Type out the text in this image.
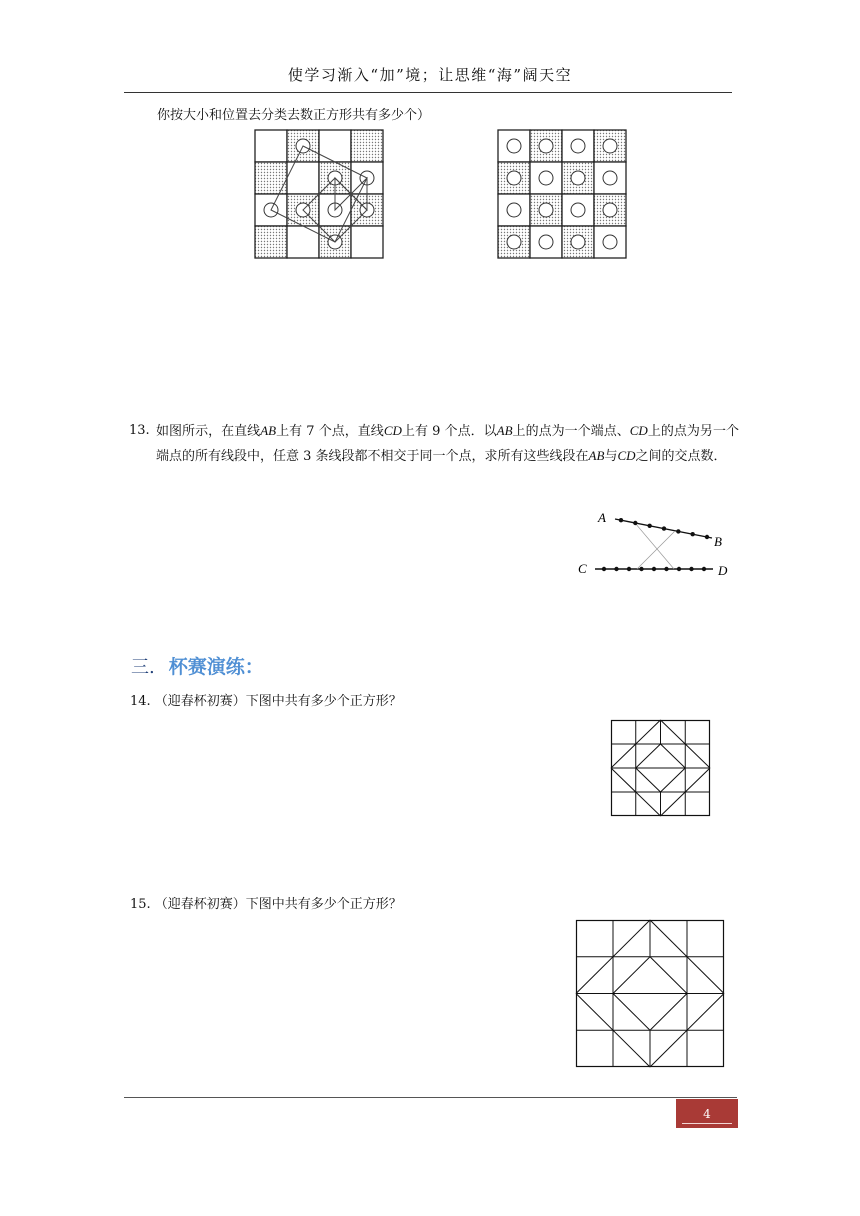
使学习渐入“加”境；让思维“海”阔天空
你按大小和位置去分类去数正方形共有多少个）
13. 如图所示，在直线AB上有 7 个点，直线CD上有 9 个点．以AB上的点为一个端点、CD上的点为另一个端点的所有线段中，任意 3 条线段都不相交于同一个点，求所有这些线段在AB与CD之间的交点数．
A
B
C	D
三. 杯赛演练：
14. （迎春杯初赛）下图中共有多少个正方形？
15. （迎春杯初赛）下图中共有多少个正方形？
4
